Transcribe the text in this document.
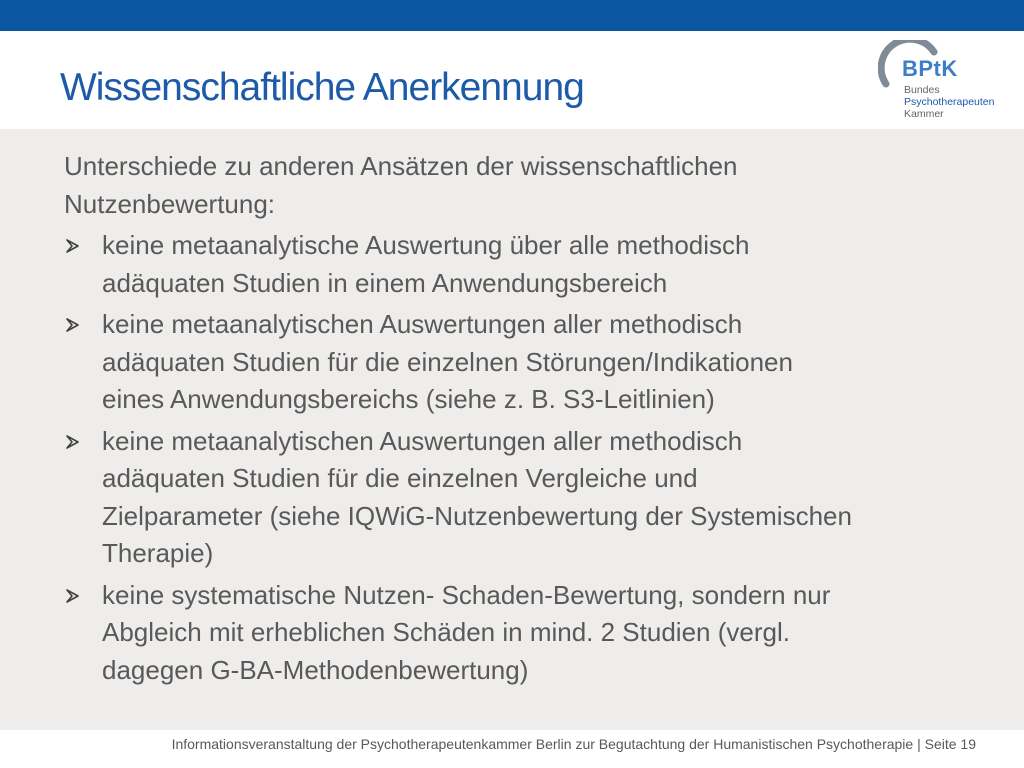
Wissenschaftliche Anerkennung	BPtK
Bundes
Psychotherapeuten
Kammer

Unterschiede zu anderen Ansätzen der wissenschaftlichen
Nutzenbewertung:

keine metaanalytische Auswertung über alle methodisch
adäquaten Studien in einem Anwendungsbereich
keine metaanalytischen Auswertungen aller methodisch
adäquaten Studien für die einzelnen Störungen/Indikationen
eines Anwendungsbereichs (siehe z. B. S3-Leitlinien)
keine metaanalytischen Auswertungen aller methodisch
adäquaten Studien für die einzelnen Vergleiche und
Zielparameter (siehe IQWiG-Nutzenbewertung der Systemischen
Therapie)
keine systematische Nutzen- Schaden-Bewertung, sondern nur
Abgleich mit erheblichen Schäden in mind. 2 Studien (vergl.
dagegen G-BA-Methodenbewertung)
Informationsveranstaltung der Psychotherapeutenkammer Berlin zur Begutachtung der Humanistischen Psychotherapie | Seite 19
